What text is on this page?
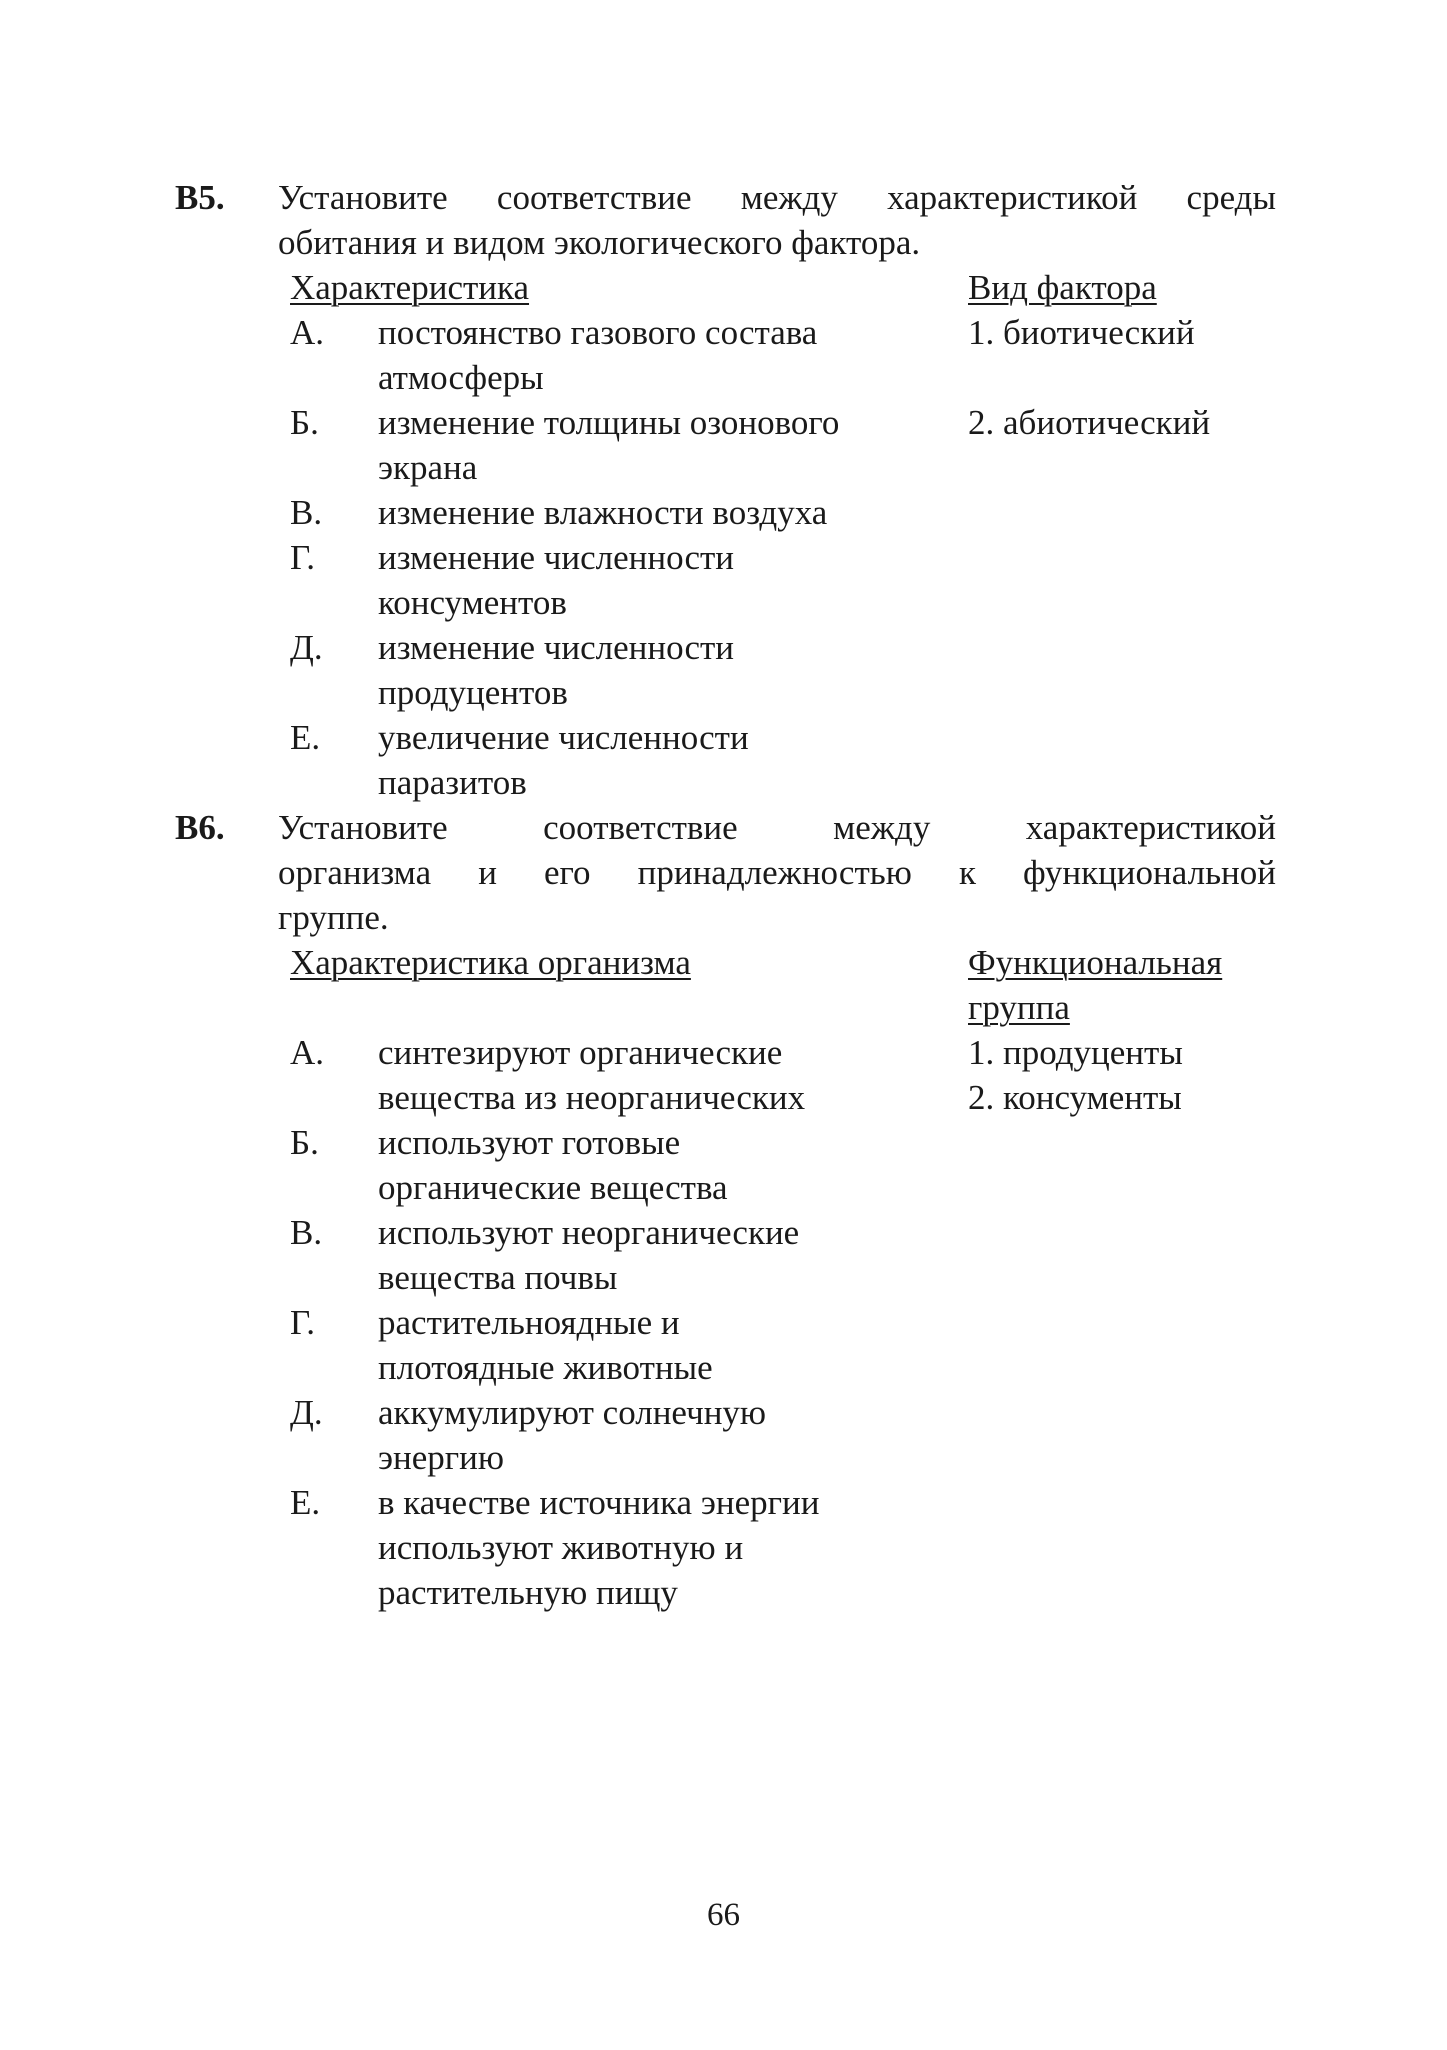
В5. Установите соответствие между характеристикой среды
обитания и видом экологического фактора.
Характеристика	Вид фактора
А. постоянство газового состава атмосферы
Б. изменение толщины озонового экрана
В. изменение влажности воздуха
Г. изменение численности консументов
Д. изменение численности продуцентов
Е. увеличение численности паразитов
1. биотический
2. абиотический
В6. Установите соответствие между характеристикой
организма и его принадлежностью к функциональной
группе.
Характеристика организма	Функциональная группа
А. синтезируют органические вещества из неорганических
Б. используют готовые органические вещества
В. используют неорганические вещества почвы
Г. растительноядные и плотоядные животные
Д. аккумулируют солнечную энергию
Е. в качестве источника энергии используют животную и растительную пищу
1. продуценты
2. консументы
66
